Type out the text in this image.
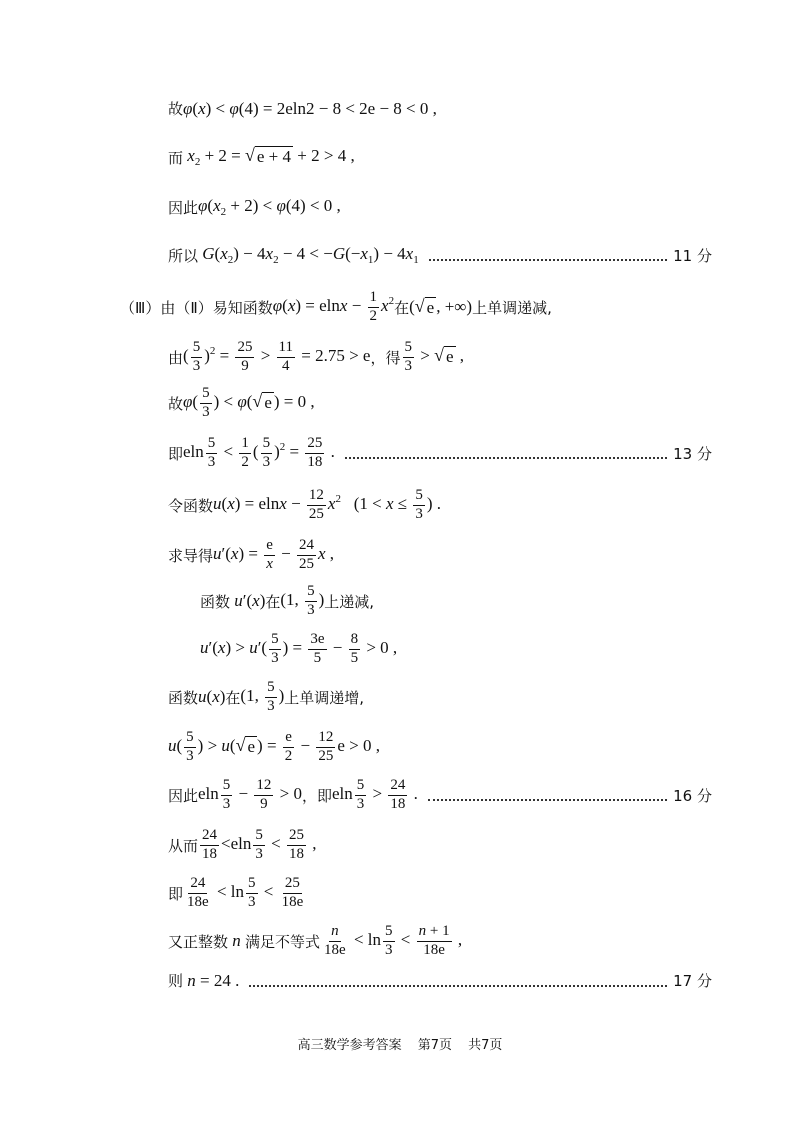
故 φ(x) < φ(4) = 2eln2 − 8 < 2e − 8 < 0 ,
而 $x_2 + 2$ = √ e + 4 + 2 > 4 ,
因此 $\varphi(x_2 + 2) < \varphi(4) < 0$ ,
所以 $G(x_2) - 4x_2 - 4 < -G(-x_1) - 4x_1$	11 分
（Ⅲ）由（Ⅱ）易知函数 $\varphi(x) = elnx - \frac{1}{2} x^2$ 在 ( √ e , +∞) 上单调递减,
由 ( $\frac{5}{3} )^2 = \frac{25}{9} > \frac{11}{4} = 2.75 > e$ ，得 $\frac{5}{3}$ > √ e ,
故 $\varphi( \frac{5}{3}$ ) < φ( √ e ) = 0 ,
即 eln $\frac{5}{3} < \frac{1}{2}$ ( $\frac{5}{3} )^2 = \frac{25}{18}$ .	13 分
令函数 $u(x) = elnx - \frac{12}{25} x^2$   ($1 < x \le \frac{5}{3}$ ) .
求导得 $u'(x) = \frac{e}{x} - \frac{24}{25}$ x ,
函数 u′(x) 在 (1, $\frac{5}{3}$ ) 上递减,
$u'(x) > u'( \frac{5}{3}$ ) = $\frac{3e}{5} - \frac{8}{5} > 0$ ,
函数 u(x) 在 (1, $\frac{5}{3}$ ) 上单调递增,
$u( \frac{5}{3}$ ) > u( √ e ) = $\frac{e}{2} - \frac{12}{25}$ e > 0 ,
因此 eln $\frac{5}{3} - \frac{12}{9} > 0$ ，即 eln $\frac{5}{3} > \frac{24}{18}$ .	16 分
从而 $\frac{24}{18} <eln \frac{5}{3} < \frac{25}{18}$ ,
即 $\frac{24}{18e} < \ln \frac{5}{3} < \frac{25}{18e}$
又正整数 n 满足不等式 $\frac{n}{18e} < \ln \frac{5}{3} < \frac{n + 1}{18e}$ ,
则 n = 24 .	17 分
高三数学参考答案 第7页 共7页
